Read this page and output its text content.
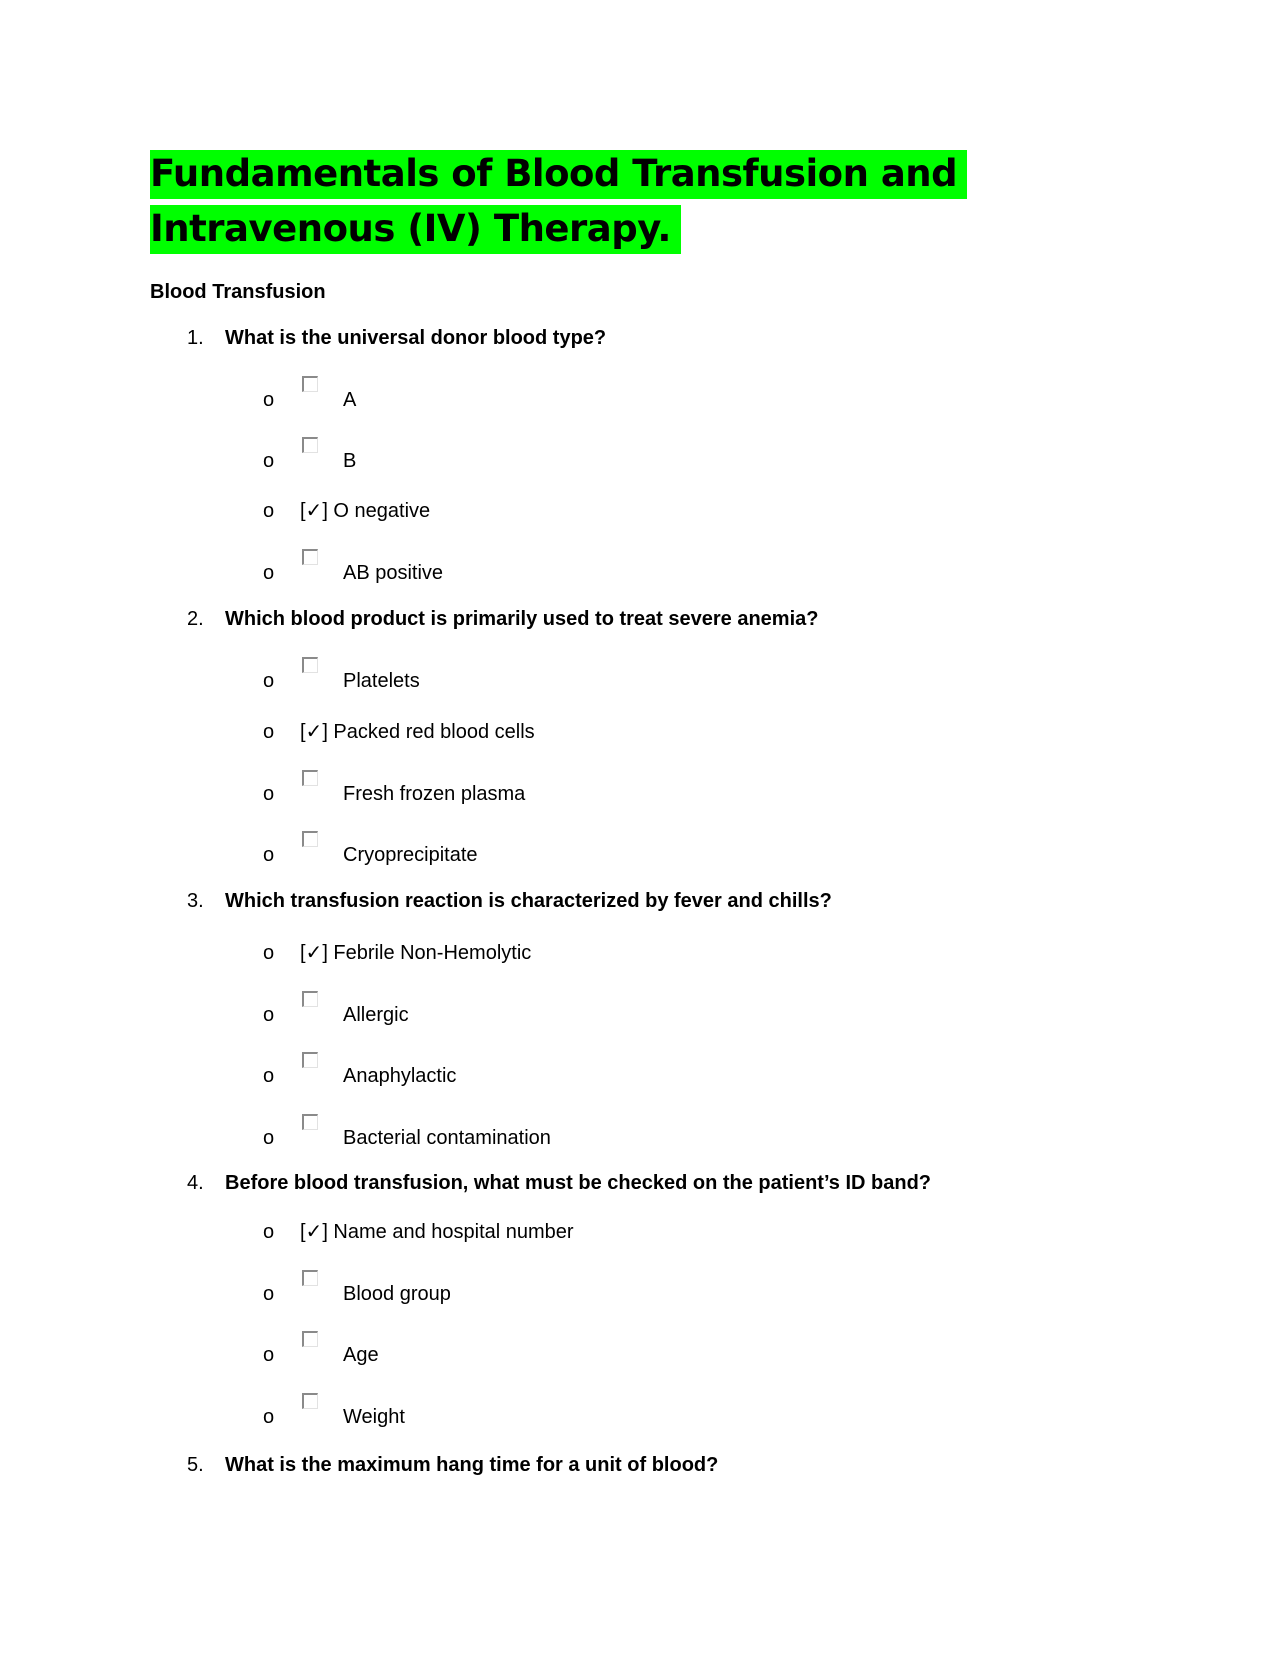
Fundamentals of Blood Transfusion and
Intravenous (IV) Therapy.
Blood Transfusion
1. What is the universal donor blood type?
o	A
o	B
o [✓] O negative
o	AB positive
2. Which blood product is primarily used to treat severe anemia?
o	Platelets
o [✓] Packed red blood cells
o	Fresh frozen plasma
o	Cryoprecipitate
3. Which transfusion reaction is characterized by fever and chills?
o [✓] Febrile Non-Hemolytic
o	Allergic
o	Anaphylactic
o	Bacterial contamination
4. Before blood transfusion, what must be checked on the patient’s ID band?
o [✓] Name and hospital number
o	Blood group
o	Age
o	Weight
5. What is the maximum hang time for a unit of blood?
